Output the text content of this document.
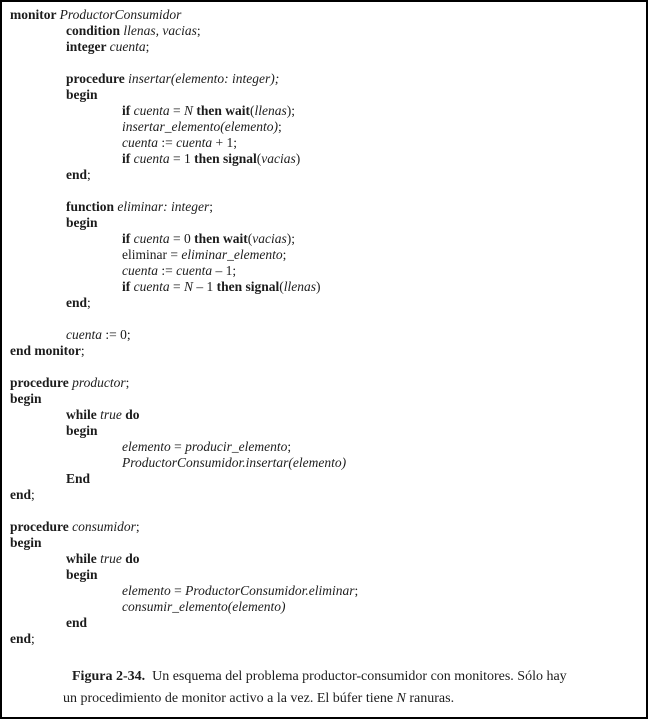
monitor ProductorConsumidor
condition llenas, vacias;
integer cuenta;
procedure insertar(elemento: integer);
begin
if cuenta = N then wait(llenas);
insertar_elemento(elemento);
cuenta := cuenta + 1;
if cuenta = 1 then signal(vacias)
end;
function eliminar: integer;
begin
if cuenta = 0 then wait(vacias);
eliminar = eliminar_elemento;
cuenta := cuenta – 1;
if cuenta = N – 1 then signal(llenas)
end;
cuenta := 0;
end monitor;
procedure productor;
begin
while true do
begin
elemento = producir_elemento;
ProductorConsumidor.insertar(elemento)
End
end;
procedure consumidor;
begin
while true do
begin
elemento = ProductorConsumidor.eliminar;
consumir_elemento(elemento)
end
end;
Figura 2-34. Un esquema del problema productor-consumidor con monitores. Sólo hay
un procedimiento de monitor activo a la vez. El búfer tiene N ranuras.
